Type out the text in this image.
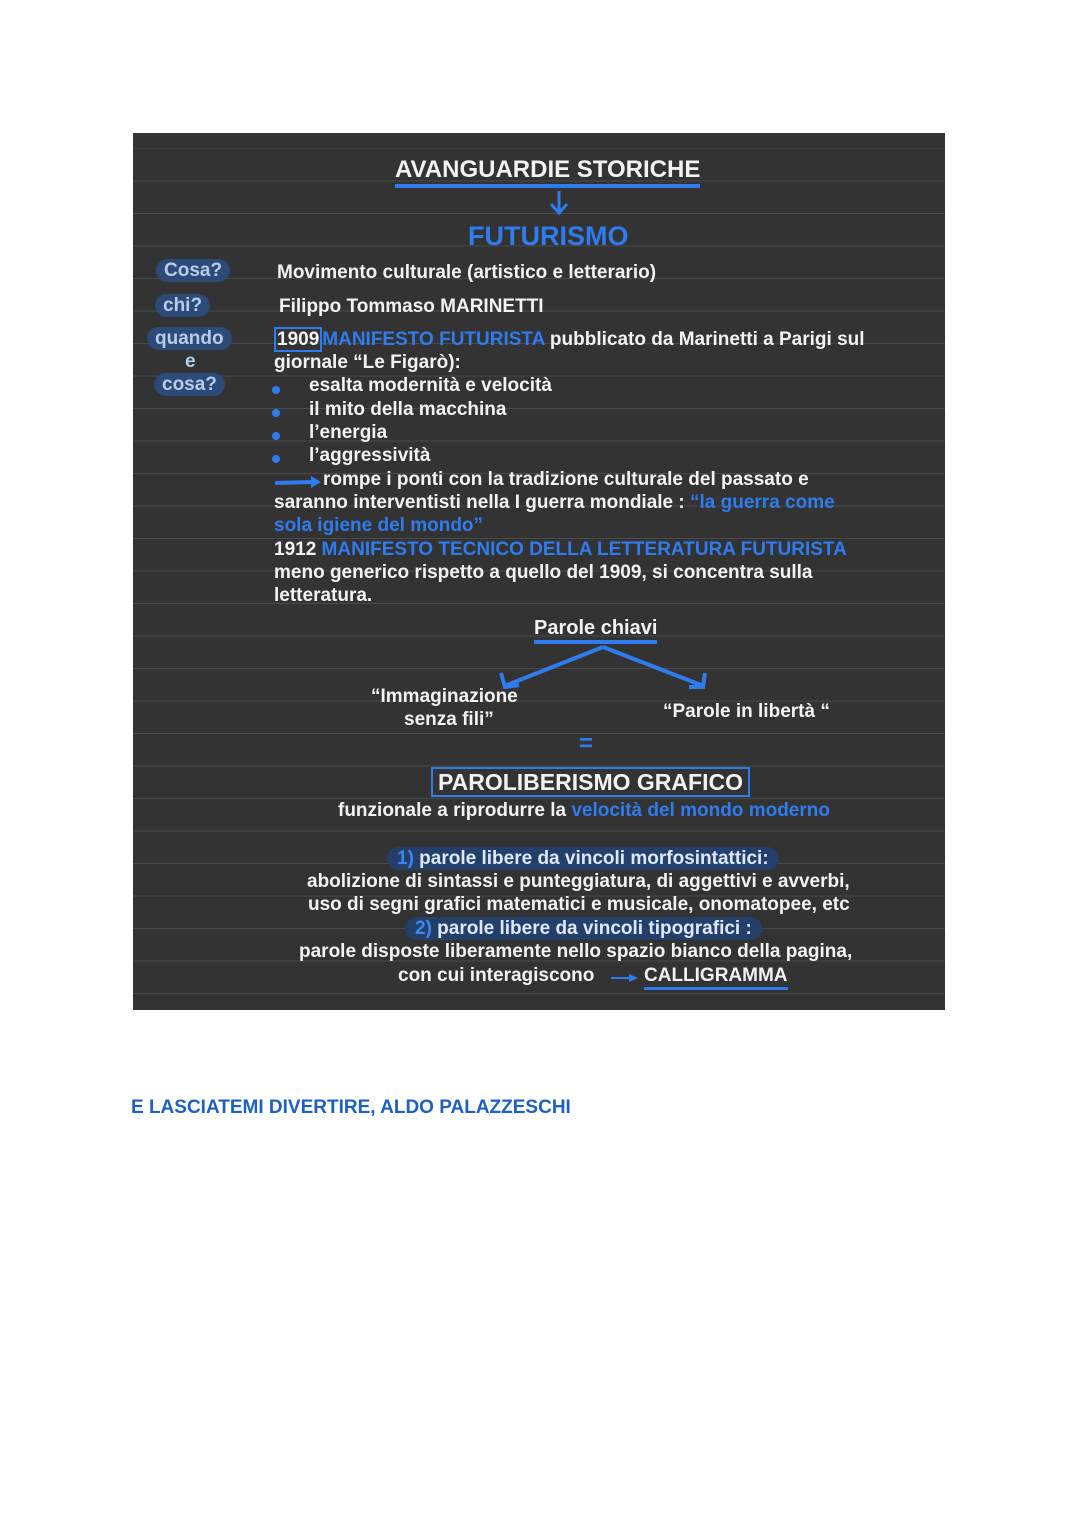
AVANGUARDIE STORICHE
FUTURISMO
Cosa?
chi?
quando
e
cosa?
Movimento culturale (artistico e letterario)
Filippo Tommaso MARINETTI
1909 MANIFESTO FUTURISTA pubblicato da Marinetti a Parigi sul
giornale “Le Figarò):
esalta modernità e velocità
il mito della macchina
l’energia
l’aggressività
rompe i ponti con la tradizione culturale del passato e
saranno interventisti nella I guerra mondiale : “la guerra come
sola igiene del mondo”
1912 MANIFESTO TECNICO DELLA LETTERATURA FUTURISTA
meno generico rispetto a quello del 1909, si concentra sulla
letteratura.
Parole chiavi
“Immaginazione
senza fili”	“Parole in libertà “
=
PAROLIBERISMO GRAFICO
funzionale a riprodurre la velocità del mondo moderno
1) parole libere da vincoli morfosintattici:
abolizione di sintassi e punteggiatura, di aggettivi e avverbi,
uso di segni grafici matematici e musicale, onomatopee, etc
2) parole libere da vincoli tipografici :
parole disposte liberamente nello spazio bianco della pagina,
con cui interagiscono	CALLIGRAMMA
E LASCIATEMI DIVERTIRE, ALDO PALAZZESCHI
